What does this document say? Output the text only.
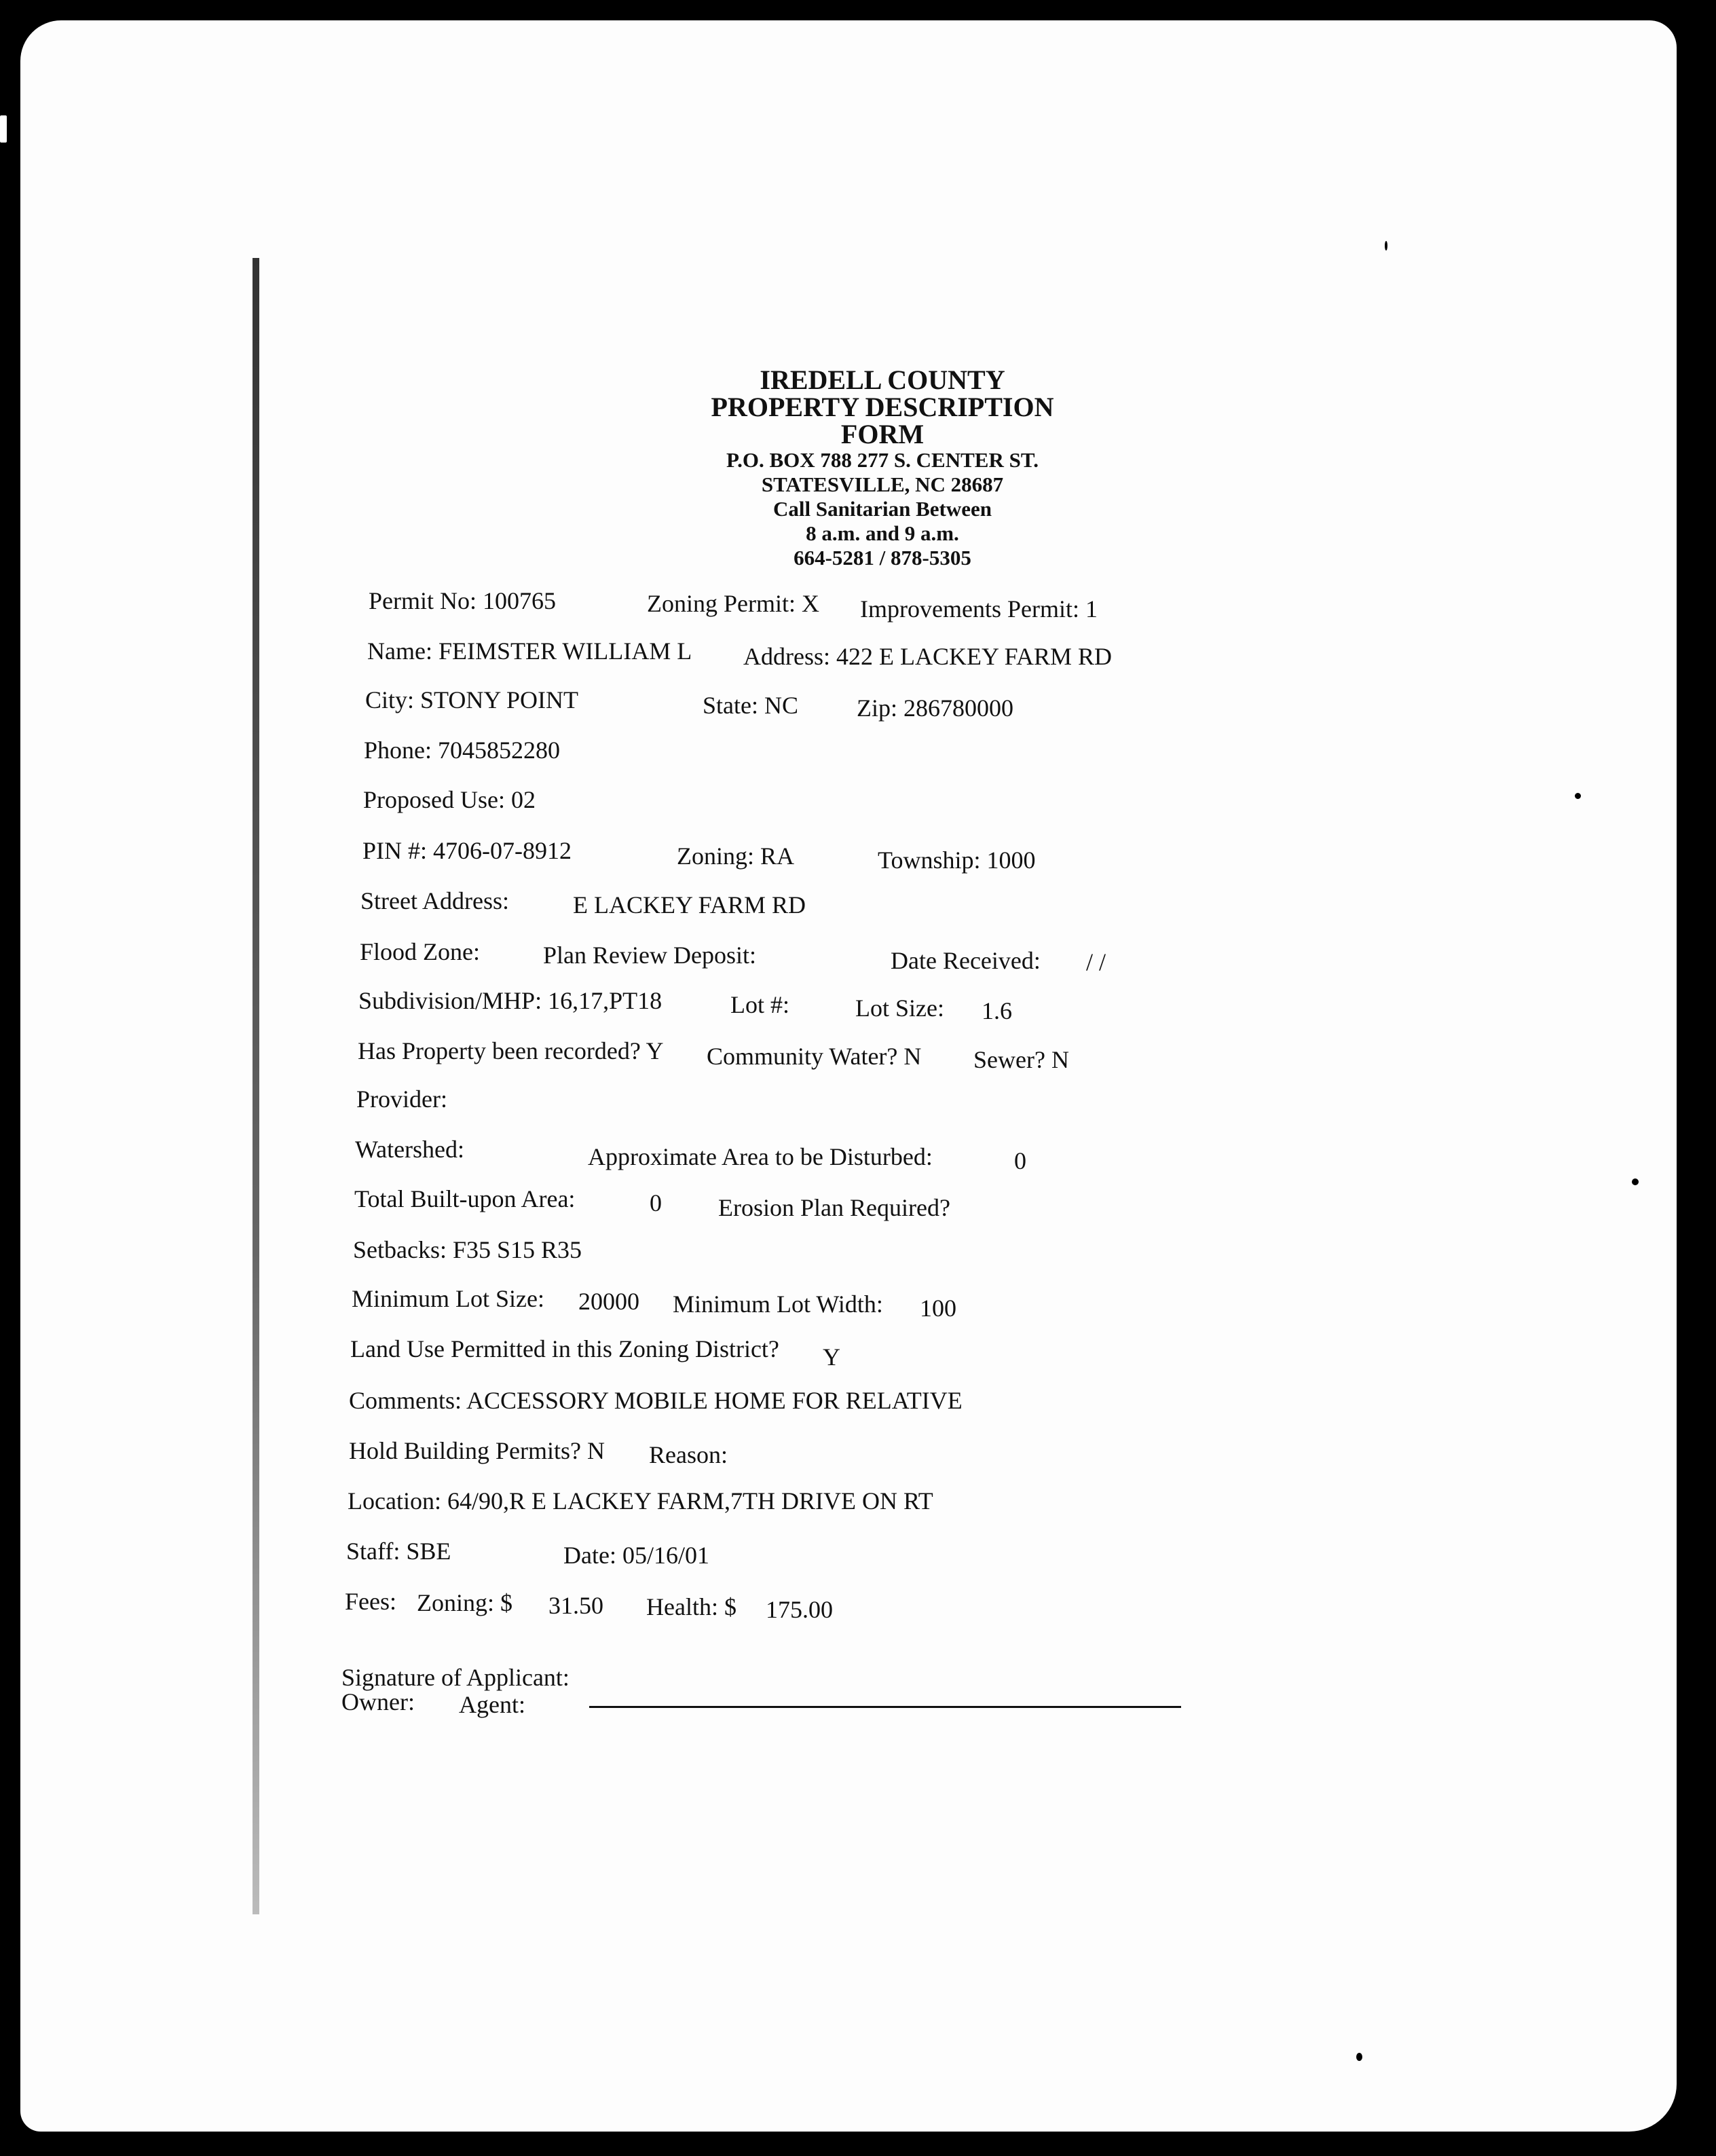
IREDELL COUNTY
PROPERTY DESCRIPTION FORM
P.O. BOX 788 277 S. CENTER ST.
STATESVILLE, NC 28687
Call Sanitarian Between
8 a.m. and 9 a.m.
664-5281 / 878-5305
Permit No: 100765	Zoning Permit: X Improvements Permit: 1
Name: FEIMSTER WILLIAM L Address: 422 E LACKEY FARM RD
City: STONY POINT	State: NC Zip: 286780000
Phone: 7045852280
Proposed Use: 02
PIN #: 4706-07-8912	Zoning: RA	Township: 1000
Street Address:	E LACKEY FARM RD
Flood Zone:	Plan Review Deposit:	Date Received: / /
Subdivision/MHP: 16,17,PT18	Lot #:	Lot Size: 1.6
Has Property been recorded? Y Community Water? N Sewer? N
Provider:
Watershed:	Approximate Area to be Disturbed:	0
Total Built-upon Area:	0 Erosion Plan Required?
Setbacks: F35 S15 R35
Minimum Lot Size: 20000 Minimum Lot Width: 100
Land Use Permitted in this Zoning District? Y
Comments: ACCESSORY MOBILE HOME FOR RELATIVE
Hold Building Permits? N Reason:
Location: 64/90,R E LACKEY FARM,7TH DRIVE ON RT
Staff: SBE	Date: 05/16/01
Fees: Zoning: $ 31.50 Health: $ 175.00
Signature of Applicant:
Owner: Agent:
